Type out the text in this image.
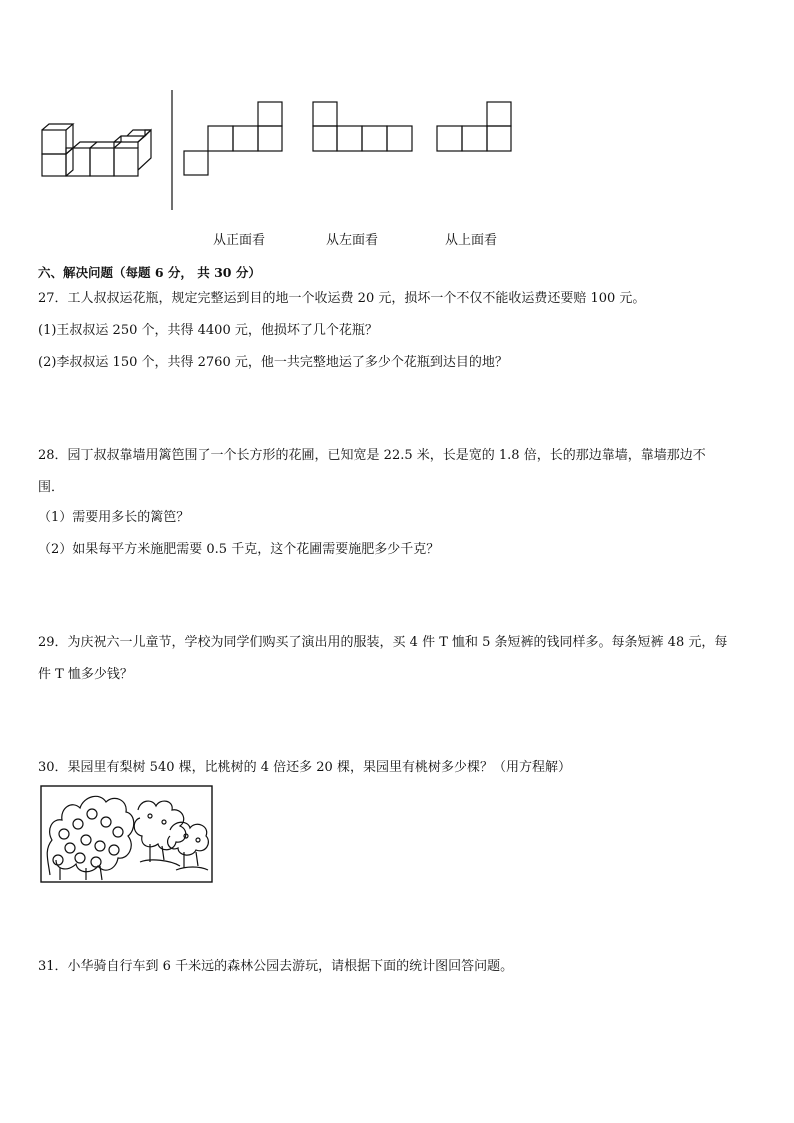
从正面看	从左面看	从上面看
六、解决问题（每题 6 分， 共 30 分）
27．工人叔叔运花瓶，规定完整运到目的地一个收运费 20 元，损坏一个不仅不能收运费还要赔 100 元。
(1)王叔叔运 250 个，共得 4400 元，他损坏了几个花瓶？
(2)李叔叔运 150 个，共得 2760 元，他一共完整地运了多少个花瓶到达目的地？
28．园丁叔叔靠墙用篱笆围了一个长方形的花圃，已知宽是 22.5 米，长是宽的 1.8 倍，长的那边靠墙，靠墙那边不
围．
（1）需要用多长的篱笆？
（2）如果每平方米施肥需要 0.5 千克，这个花圃需要施肥多少千克？
29．为庆祝六一儿童节，学校为同学们购买了演出用的服装，买 4 件 T 恤和 5 条短裤的钱同样多。每条短裤 48 元，每
件 T 恤多少钱？
30．果园里有梨树 540 棵，比桃树的 4 倍还多 20 棵，果园里有桃树多少棵？（用方程解）
31．小华骑自行车到 6 千米远的森林公园去游玩，请根据下面的统计图回答问题。
